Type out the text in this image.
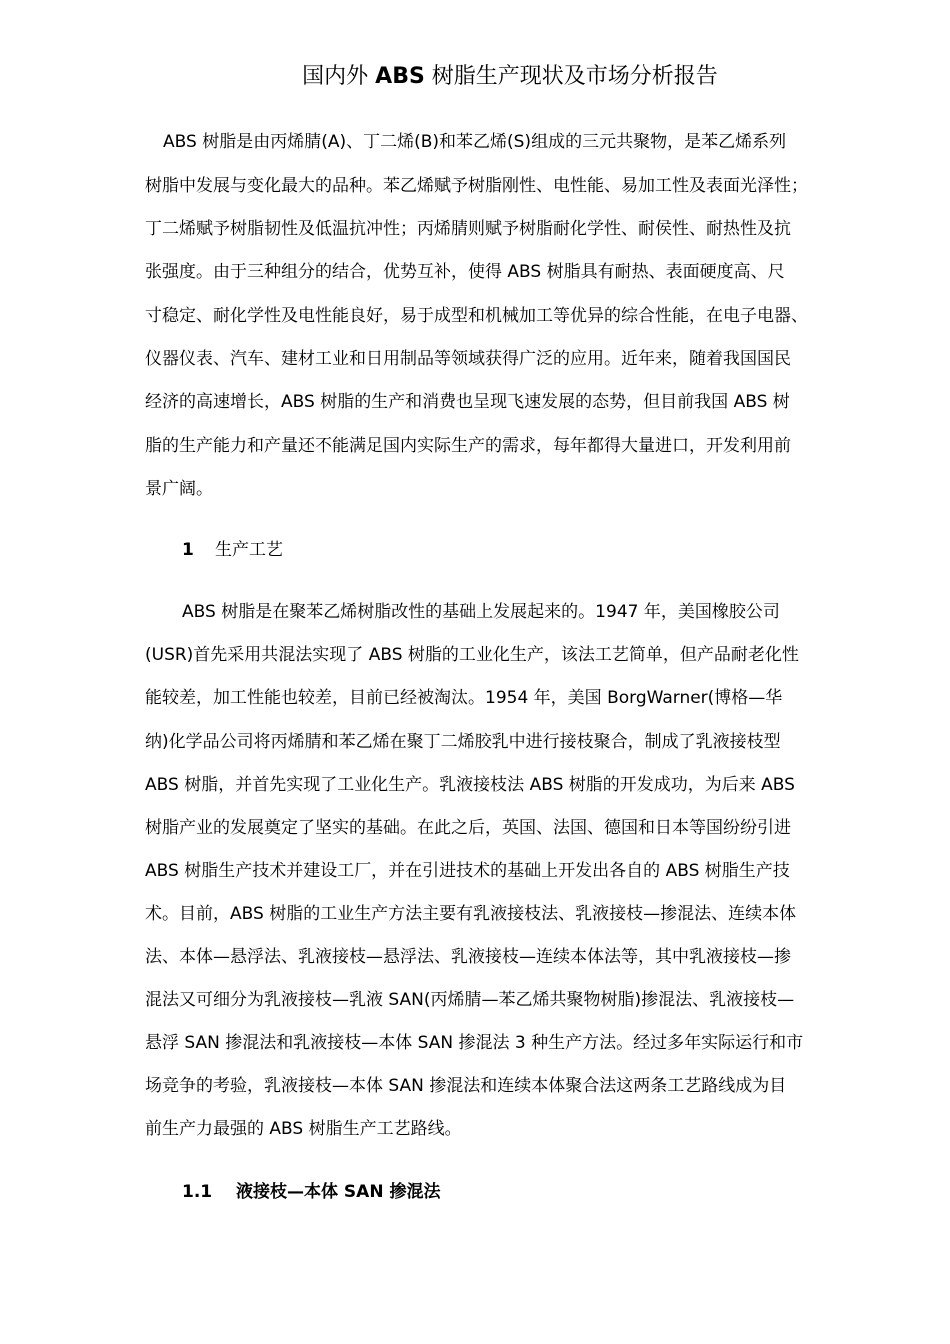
国内外 ABS 树脂生产现状及市场分析报告
ABS 树脂是由丙烯腈(A)、丁二烯(B)和苯乙烯(S)组成的三元共聚物，是苯乙烯系列
树脂中发展与变化最大的品种。苯乙烯赋予树脂刚性、电性能、易加工性及表面光泽性；
丁二烯赋予树脂韧性及低温抗冲性；丙烯腈则赋予树脂耐化学性、耐侯性、耐热性及抗
张强度。由于三种组分的结合，优势互补，使得 ABS 树脂具有耐热、表面硬度高、尺
寸稳定、耐化学性及电性能良好，易于成型和机械加工等优异的综合性能，在电子电器、
仪器仪表、汽车、建材工业和日用制品等领域获得广泛的应用。近年来，随着我国国民
经济的高速增长，ABS 树脂的生产和消费也呈现飞速发展的态势，但目前我国 ABS 树
脂的生产能力和产量还不能满足国内实际生产的需求，每年都得大量进口，开发利用前
景广阔。
1 生产工艺
ABS 树脂是在聚苯乙烯树脂改性的基础上发展起来的。1947 年，美国橡胶公司
(USR)首先采用共混法实现了 ABS 树脂的工业化生产，该法工艺简单，但产品耐老化性
能较差，加工性能也较差，目前已经被淘汰。1954 年，美国 BorgWarner(博格—华
纳)化学品公司将丙烯腈和苯乙烯在聚丁二烯胶乳中进行接枝聚合，制成了乳液接枝型
ABS 树脂，并首先实现了工业化生产。乳液接枝法 ABS 树脂的开发成功，为后来 ABS
树脂产业的发展奠定了坚实的基础。在此之后，英国、法国、德国和日本等国纷纷引进
ABS 树脂生产技术并建设工厂，并在引进技术的基础上开发出各自的 ABS 树脂生产技
术。目前，ABS 树脂的工业生产方法主要有乳液接枝法、乳液接枝—掺混法、连续本体
法、本体—悬浮法、乳液接枝—悬浮法、乳液接枝—连续本体法等，其中乳液接枝—掺
混法又可细分为乳液接枝—乳液 SAN(丙烯腈—苯乙烯共聚物树脂)掺混法、乳液接枝—
悬浮 SAN 掺混法和乳液接枝—本体 SAN 掺混法 3 种生产方法。经过多年实际运行和市
场竞争的考验，乳液接枝—本体 SAN 掺混法和连续本体聚合法这两条工艺路线成为目
前生产力最强的 ABS 树脂生产工艺路线。
1.1 液接枝—本体 SAN 掺混法
